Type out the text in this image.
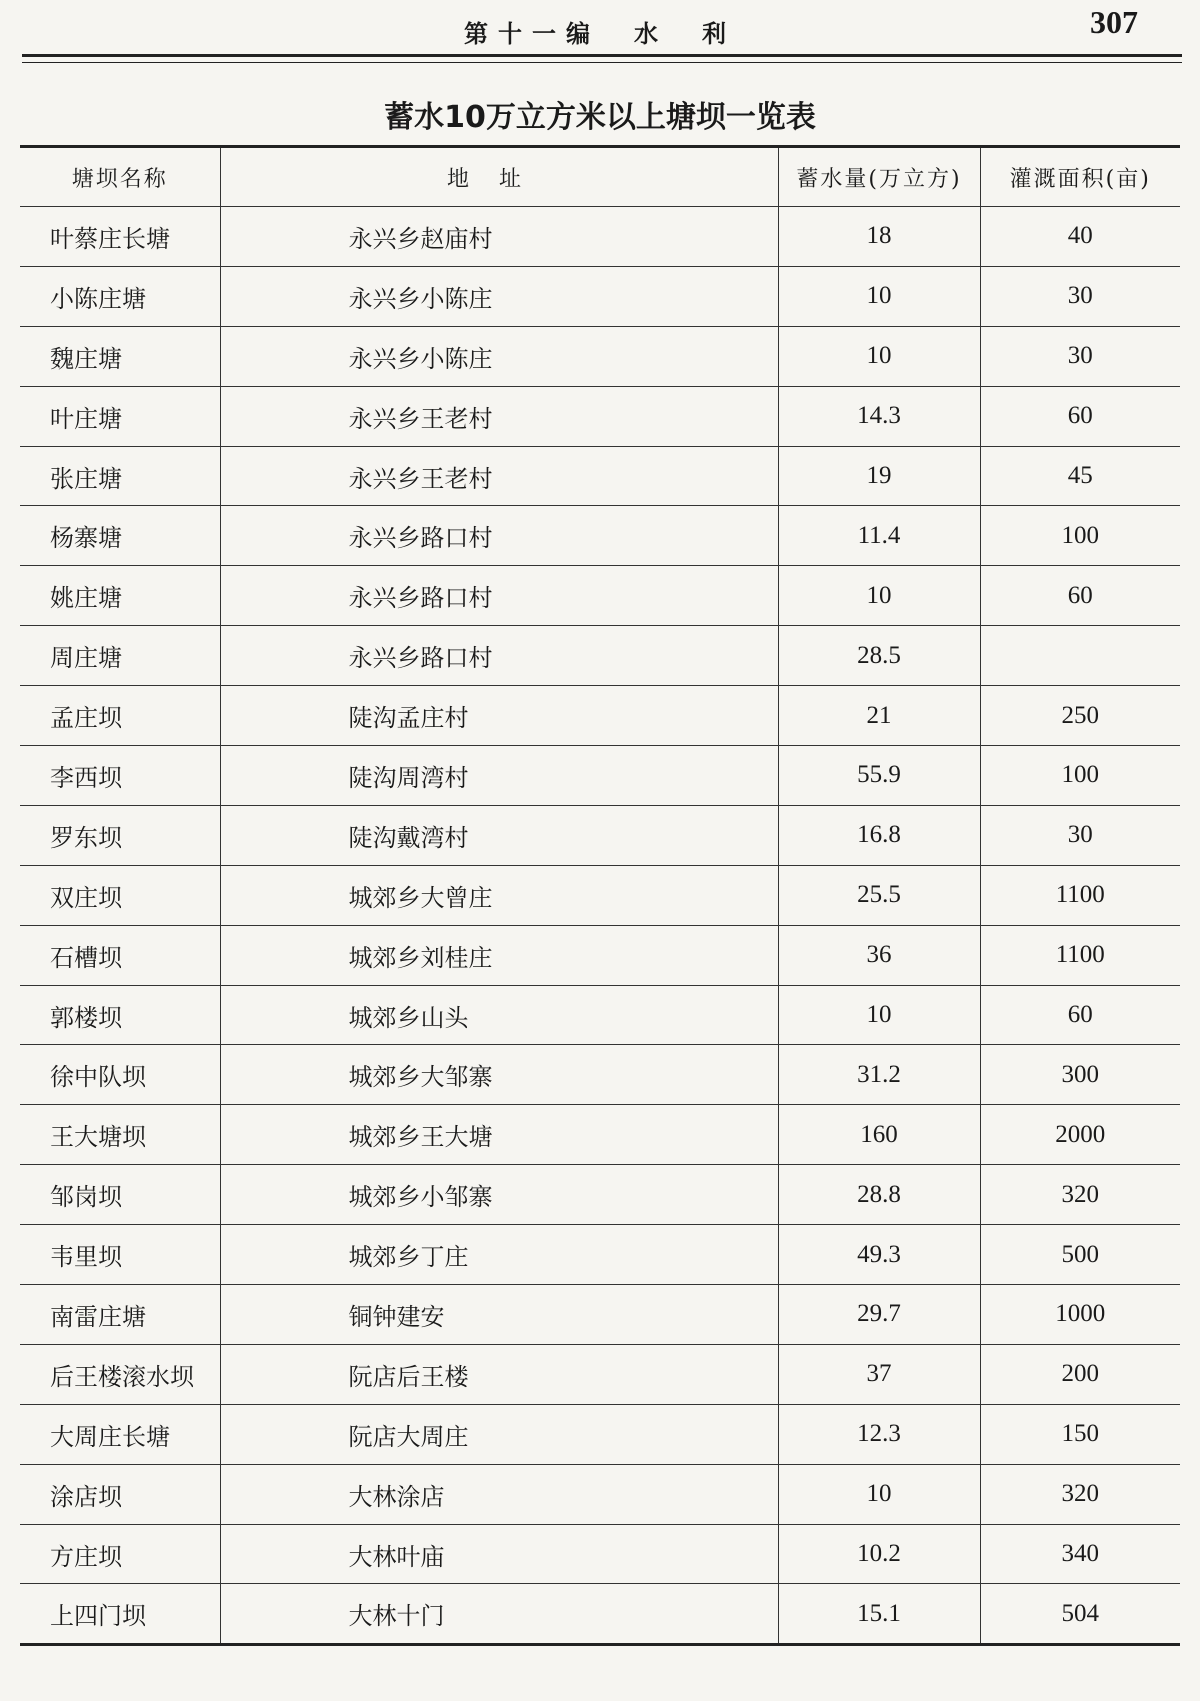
第十一编　水　利	307
蓄水10万立方米以上塘坝一览表
塘坝名称	地址	蓄水量(万立方)	灌溉面积(亩)
叶蔡庄长塘	永兴乡赵庙村	18	40
小陈庄塘	永兴乡小陈庄	10	30
魏庄塘	永兴乡小陈庄	10	30
叶庄塘	永兴乡王老村	14.3	60
张庄塘	永兴乡王老村	19	45
杨寨塘	永兴乡路口村	11.4	100
姚庄塘	永兴乡路口村	10	60
周庄塘	永兴乡路口村	28.5	
孟庄坝	陡沟孟庄村	21	250
李西坝	陡沟周湾村	55.9	100
罗东坝	陡沟戴湾村	16.8	30
双庄坝	城郊乡大曾庄	25.5	1100
石槽坝	城郊乡刘桂庄	36	1100
郭楼坝	城郊乡山头	10	60
徐中队坝	城郊乡大邹寨	31.2	300
王大塘坝	城郊乡王大塘	160	2000
邹岗坝	城郊乡小邹寨	28.8	320
韦里坝	城郊乡丁庄	49.3	500
南雷庄塘	铜钟建安	29.7	1000
后王楼滚水坝	阮店后王楼	37	200
大周庄长塘	阮店大周庄	12.3	150
涂店坝	大林涂店	10	320
方庄坝	大林叶庙	10.2	340
上四门坝	大林十门	15.1	504
